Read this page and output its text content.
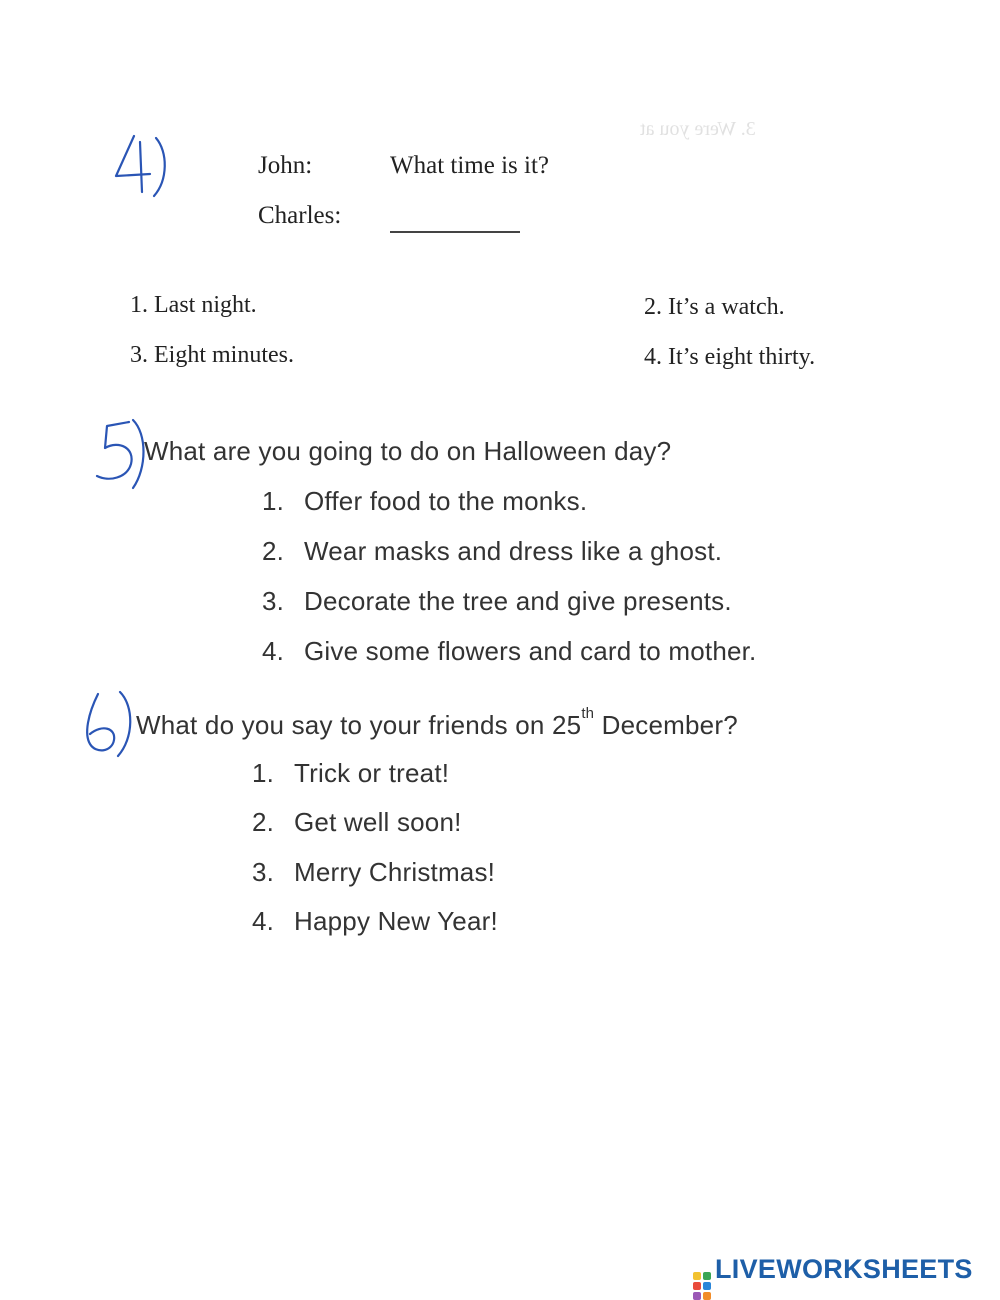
3. Were you at
John:	What time is it?
Charles:
1. Last night.	2. It’s a watch.
3. Eight minutes.	4. It’s eight thirty.
What are you going to do on Halloween day?
1. Offer food to the monks.
2. Wear masks and dress like a ghost.
3. Decorate the tree and give presents.
4. Give some flowers and card to mother.
What do you say to your friends on 25th December?
1. Trick or treat!
2. Get well soon!
3. Merry Christmas!
4. Happy New Year!
LIVEWORKSHEETS
